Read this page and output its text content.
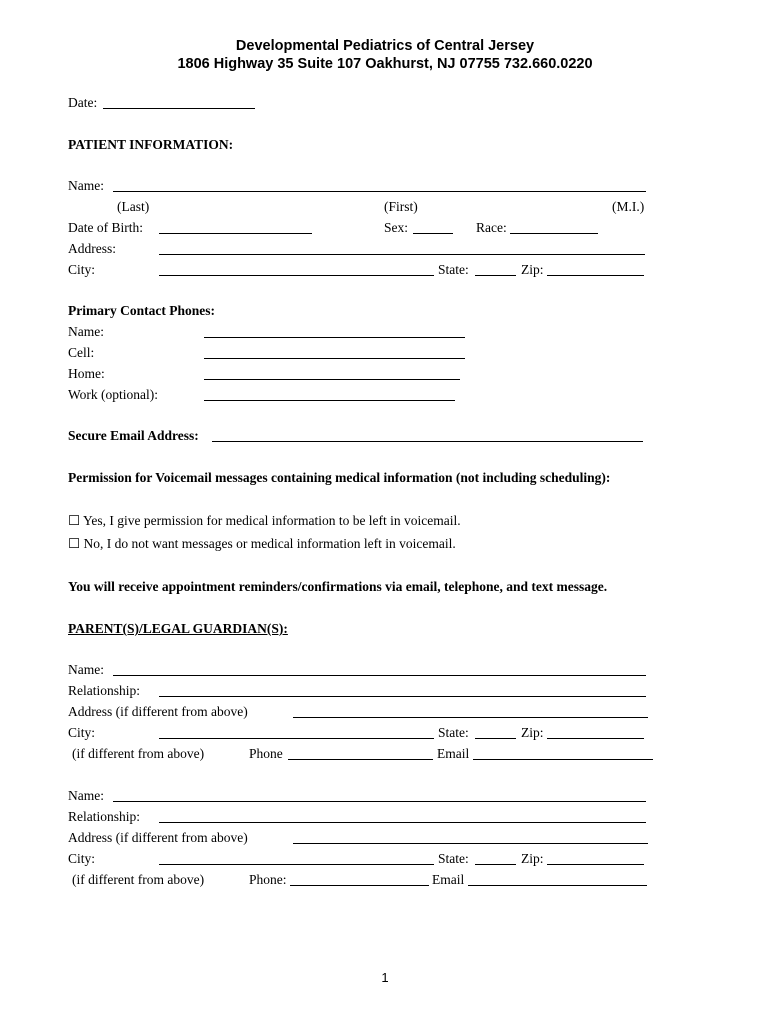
Developmental Pediatrics of Central Jersey
1806 Highway 35 Suite 107 Oakhurst, NJ 07755 732.660.0220
Date:
PATIENT INFORMATION:
Name:
(Last)	(First)	(M.I.)
Date of Birth:	Sex:	Race:
Address:
City:	State:	Zip:
Primary Contact Phones:
Name:
Cell:
Home:
Work (optional):
Secure Email Address:
Permission for Voicemail messages containing medical information (not including scheduling):
☐ Yes, I give permission for medical information to be left in voicemail.
☐ No, I do not want messages or medical information left in voicemail.
You will receive appointment reminders/confirmations via email, telephone, and text message.
PARENT(S)/LEGAL GUARDIAN(S):
Name:
Relationship:
Address (if different from above)
City:	State:	Zip:
(if different from above)	Phone	Email
Name:
Relationship:
Address (if different from above)
City:	State:	Zip:
(if different from above)	Phone:	Email
1
